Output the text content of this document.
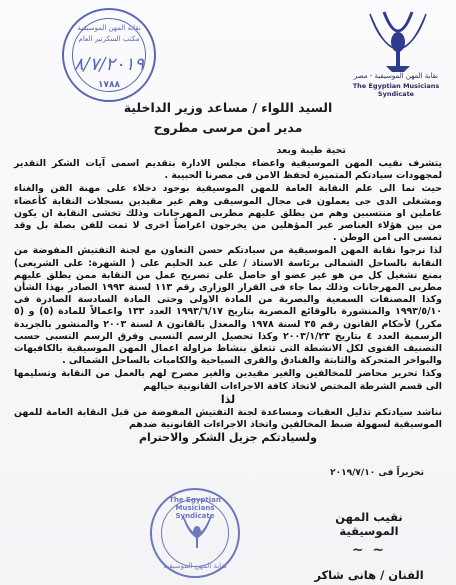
نقابة المهن الموسيقية
مكتب السكرتير العام
٨/٧/٢٠١٩
١٧٨٨
نقابة المهن الموسيقية - مصر
The Egyptian Musicians Syndicate
السيد اللواء / مساعد وزير الداخلية
مدير امن مرسى مطروح
تحية طيبة وبعد

يتشرف نقيب المهن الموسيقية واعضاء مجلس الادارة بتقديم اسمى آيات الشكر التقدير لمجهودات سيادتكم المتميزة لحفظ الامن فى مصرنا الحبيبة .

حيث نما الى علم النقابة العامة للمهن الموسيقية بوجود دخلاء على مهنة الفن والغناء ومشغلى الدى جى يعملون فى مجال الموسيقى وهم غير مقيدين بسجلات النقابة كأعضاء عاملين او منتسبين وهم من يطلق عليهم مطربى المهرجانات وذلك تخشى النقابة ان يكون من بين هؤلاء العناصر غير المؤهلين من يخرجون اغراضاً اخرى لا تمت للفن بصلة بل وقد تمسى الى امن الوطن .

لذا نرجوا نقابة المهن الموسيقية من سيادتكم حسن التعاون مع لجنة التفتيش المفوضة من النقابة بالساحل الشمالى برئاسة الاستاذ / على عبد الحليم على ( الشهرة: على الشريعى) بمنع تشغيل كل من هو غير عضو او حاصل على تصريح عمل من النقابة ممن يطلق عليهم مطربى المهرجانات وذلك بما جاء فى القرار الوزارى رقم ١١٣ لسنة ١٩٩٣ الصادر بهذا الشأن وكذا المصنفات السمعية والبصرية من المادة الاولى وحتى المادة السادسة الصادرة فى ١٩٩٣/٥/١٠ والمنشورة بالوقائع المصرية بتاريخ ١٩٩٣/٦/١٧ العدد ١٣٣ واعمالاً للمادة (٥) و (٥ مكرر) لأحكام القانون رقم ٣٥ لسنة ١٩٧٨ والمعدل بالقانون ٨ لسنة ٢٠٠٣ والمنشور بالجريدة الرسمية العدد ٤ بتاريخ ٢٠٠٣/١/٢٣ وكذا تحصيل الرسم النسبى وفرق الرسم النسبى حسب التصنيف الفنوى لكل الانشطة التى تتعلق بنشاط مزاولة اعمال المهن الموسيقية بالكافيهات والبواخر المتحركة والثابتة والفنادق والقرى السياحية والكامبات بالساحل الشمالى .

وكذا تحرير محاضر للمخالفين والغير مقيدين والغير مصرح لهم بالعمل من النقابة وتسليمها الى قسم الشرطة المختص لاتخاذ كافة الاجراءات القانونية حيالهم

لذا

نناشد سيادتكم تذليل العقبات ومساعدة لجنة التفتيش المفوضة من قبل النقابة العامة للمهن الموسيقية لسهولة ضبط المخالفين واتخاذ الاجراءات القانونية ضدهم

ولسيادتكم جزيل الشكر والاحترام

تحريراً فى ٢٠١٩/٧/١٠
The Egyptian Musicians Syndicate
نقابة المهن الموسيقية
نقيب المهن الموسيقية
~ ~
الفنان / هانى شاكر
